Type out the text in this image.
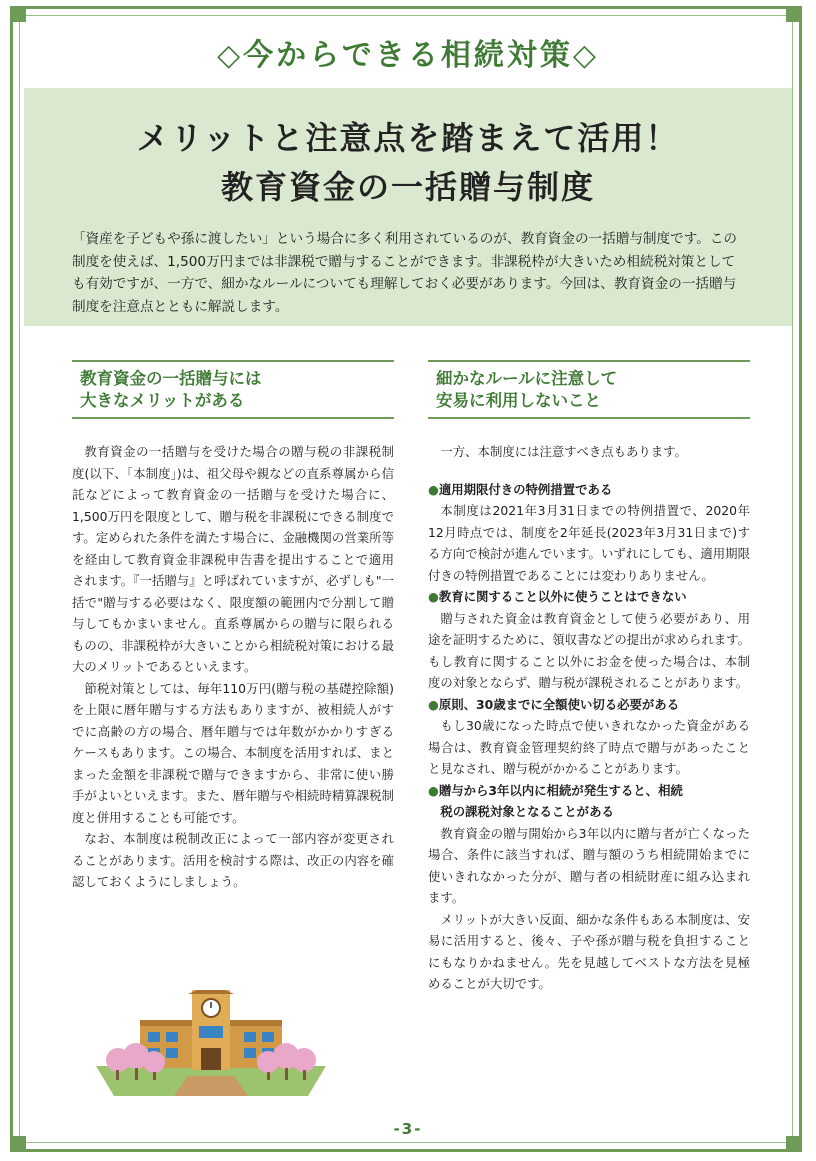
◇今からできる相続対策◇
メリットと注意点を踏まえて活用！
教育資金の一括贈与制度
「資産を子どもや孫に渡したい」という場合に多く利用されているのが、教育資金の一括贈与制度です。この制度を使えば、1,500万円までは非課税で贈与することができます。非課税枠が大きいため相続税対策としても有効ですが、一方で、細かなルールについても理解しておく必要があります。今回は、教育資金の一括贈与制度を注意点とともに解説します。
教育資金の一括贈与には
大きなメリットがある

教育資金の一括贈与を受けた場合の贈与税の非課税制度(以下、「本制度」)は、祖父母や親などの直系尊属から信託などによって教育資金の一括贈与を受けた場合に、1,500万円を限度として、贈与税を非課税にできる制度です。定められた条件を満たす場合に、金融機関の営業所等を経由して教育資金非課税申告書を提出することで適用されます。『一括贈与』と呼ばれていますが、必ずしも"一括で"贈与する必要はなく、限度額の範囲内で分割して贈与してもかまいません。直系尊属からの贈与に限られるものの、非課税枠が大きいことから相続税対策における最大のメリットであるといえます。

節税対策としては、毎年110万円(贈与税の基礎控除額)を上限に暦年贈与する方法もありますが、被相続人がすでに高齢の方の場合、暦年贈与では年数がかかりすぎるケースもあります。この場合、本制度を活用すれば、まとまった金額を非課税で贈与できますから、非常に使い勝手がよいといえます。また、暦年贈与や相続時精算課税制度と併用することも可能です。

なお、本制度は税制改正によって一部内容が変更されることがあります。活用を検討する際は、改正の内容を確認しておくようにしましょう。

細かなルールに注意して
安易に利用しないこと

一方、本制度には注意すべき点もあります。

●適用期限付きの特例措置である

本制度は2021年3月31日までの特例措置で、2020年12月時点では、制度を2年延長(2023年3月31日まで)する方向で検討が進んでいます。いずれにしても、適用期限付きの特例措置であることには変わりありません。

●教育に関すること以外に使うことはできない

贈与された資金は教育資金として使う必要があり、用途を証明するために、領収書などの提出が求められます。もし教育に関すること以外にお金を使った場合は、本制度の対象とならず、贈与税が課税されることがあります。

●原則、30歳までに全額使い切る必要がある

もし30歳になった時点で使いきれなかった資金がある場合は、教育資金管理契約終了時点で贈与があったことと見なされ、贈与税がかかることがあります。

●贈与から3年以内に相続が発生すると、相続
税の課税対象となることがある

教育資金の贈与開始から3年以内に贈与者が亡くなった場合、条件に該当すれば、贈与額のうち相続開始までに使いきれなかった分が、贈与者の相続財産に組み込まれます。

メリットが大きい反面、細かな条件もある本制度は、安易に活用すると、後々、子や孫が贈与税を負担することにもなりかねません。先を見越してベストな方法を見極めることが大切です。

-3-
